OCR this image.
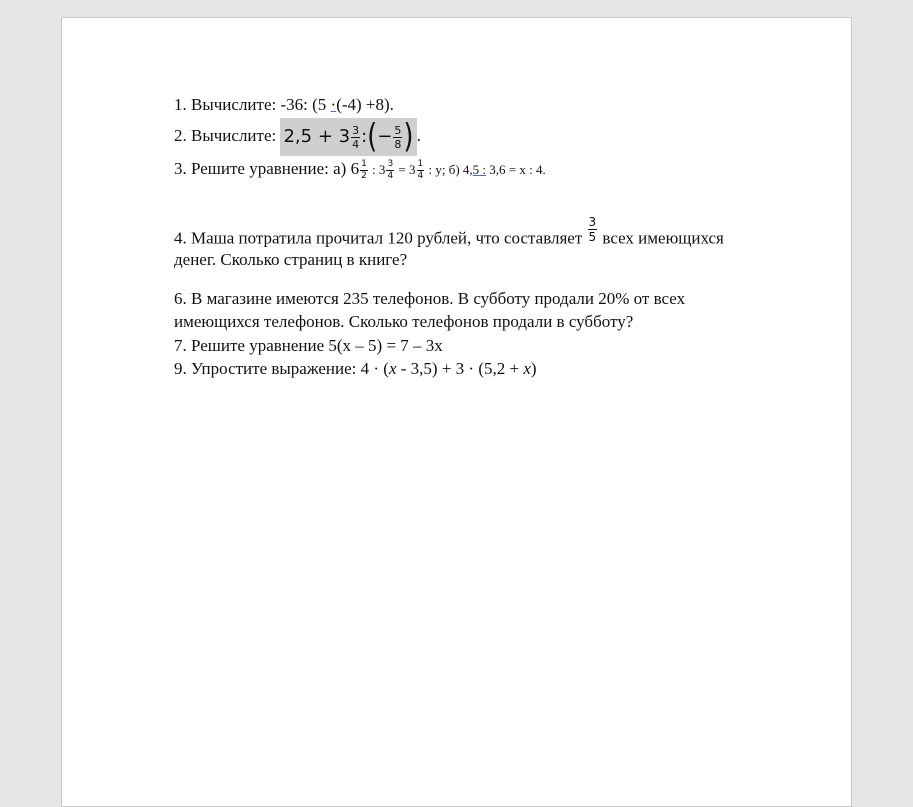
1. Вычислите: -36: (5 ·(-4) +8).
2. Вычислите: $2,5 + 3 \frac{3}{4}$ :(− $\frac{5}{8}$ ) .
3. Решите уравнение: а) $6 \frac{1}{2}$ : $3 \frac{3}{4} = 3 \frac{1}{4}$ : y; б) 4,5 : 3,6 = x : 4.
4. Маша потратила прочитал 120 рублей, что составляет $\frac{3}{5}$ всех имеющихся
денег. Сколько страниц в книге?
6. В магазине имеются 235 телефонов. В субботу продали 20% от всех
имеющихся телефонов. Сколько телефонов продали в субботу?
7. Решите уравнение 5(x – 5) = 7 – 3x
9. Упростите выражение: 4 · (x - 3,5) + 3 · (5,2 + x)
